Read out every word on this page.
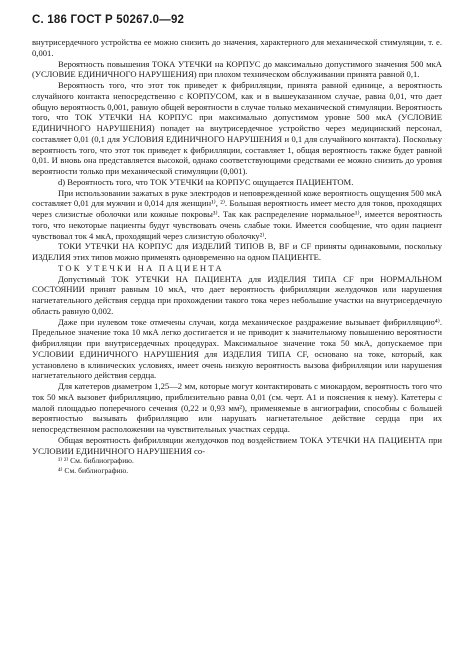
С. 186 ГОСТ Р 50267.0—92

внутрисердечного устройства ее можно снизить до значения, характерного для механической стимуляции, т. е. 0,001.

Вероятность повышения ТОКА УТЕЧКИ на КОРПУС до максимально допустимого значения 500 мкА (УСЛОВИЕ ЕДИНИЧНОГО НАРУШЕНИЯ) при плохом техническом обслуживании принята равной 0,1.

Вероятность того, что этот ток приведет к фибрилляции, принята равной единице, а вероятность случайного контакта непосредственно с КОРПУСОМ, как и в вышеуказанном случае, равна 0,01, что дает общую вероятность 0,001, равную общей вероятности в случае только механической стимуляции. Вероятность того, что ТОК УТЕЧКИ НА КОРПУС при максимально допустимом уровне 500 мкА (УСЛОВИЕ ЕДИНИЧНОГО НАРУШЕНИЯ) попадет на внутрисердечное устройство через медицинский персонал, составляет 0,01 (0,1 для УСЛОВИЯ ЕДИНИЧНОГО НАРУШЕНИЯ и 0,1 для случайного контакта). Поскольку вероятность того, что этот ток приведет к фибрилляции, составляет 1, общая вероятность также будет равной 0,01. И вновь она представляется высокой, однако соответствующими средствами ее можно снизить до уровня вероятности только при механической стимуляции (0,001).

d) Вероятность того, что ТОК УТЕЧКИ на КОРПУС ощущается ПАЦИЕНТОМ.

При использовании зажатых в руке электродов и неповрежденной коже вероятность ощущения 500 мкА составляет 0,01 для мужчин и 0,014 для женщин¹⁾, ²⁾. Большая вероятность имеет место для токов, проходящих через слизистые оболочки или кожные покровы³⁾. Так как распределение нормальное¹⁾, имеется вероятность того, что некоторые пациенты будут чувствовать очень слабые токи. Имеется сообщение, что один пациент чувствовал ток 4 мкА, проходящий через слизистую оболочку²⁾.

ТОКИ УТЕЧКИ НА КОРПУС для ИЗДЕЛИЙ ТИПОВ B, BF и CF приняты одинаковыми, поскольку ИЗДЕЛИЯ этих типов можно применять одновременно на одном ПАЦИЕНТЕ.

ТОК УТЕЧКИ НА ПАЦИЕНТА

Допустимый ТОК УТЕЧКИ НА ПАЦИЕНТА для ИЗДЕЛИЯ ТИПА CF при НОРМАЛЬНОМ СОСТОЯНИИ принят равным 10 мкА, что дает вероятность фибрилляции желудочков или нарушения нагнетательного действия сердца при прохождении такого тока через небольшие участки на внутрисердечную область равную 0,002.

Даже при нулевом токе отмечены случаи, когда механическое раздражение вызывает фибрилляцию⁴⁾. Предельное значение тока 10 мкА легко достигается и не приводит к значительному повышению вероятности фибрилляции при внутрисердечных процедурах. Максимальное значение тока 50 мкА, допускаемое при УСЛОВИИ ЕДИНИЧНОГО НАРУШЕНИЯ для ИЗДЕЛИЯ ТИПА CF, основано на токе, который, как установлено в клинических условиях, имеет очень низкую вероятность вызова фибрилляции или нарушения нагнетательного действия сердца.

Для катетеров диаметром 1,25—2 мм, которые могут контактировать с миокардом, вероятность того что ток 50 мкА вызовет фибрилляцию, приблизительно равна 0,01 (см. черт. A1 и пояснения к нему). Катетеры с малой площадью поперечного сечения (0,22 и 0,93 мм²), применяемые в ангиографии, способны с большей вероятностью вызывать фибрилляцию или нарушать нагнетательное действие сердца при их непосредственном расположении на чувствительных участках сердца.

Общая вероятность фибрилляции желудочков под воздействием ТОКА УТЕЧКИ НА ПАЦИЕНТА при УСЛОВИИ ЕДИНИЧНОГО НАРУШЕНИЯ со-

¹⁾ ²⁾ См. библиографию.

⁴⁾ См. библиографию.
